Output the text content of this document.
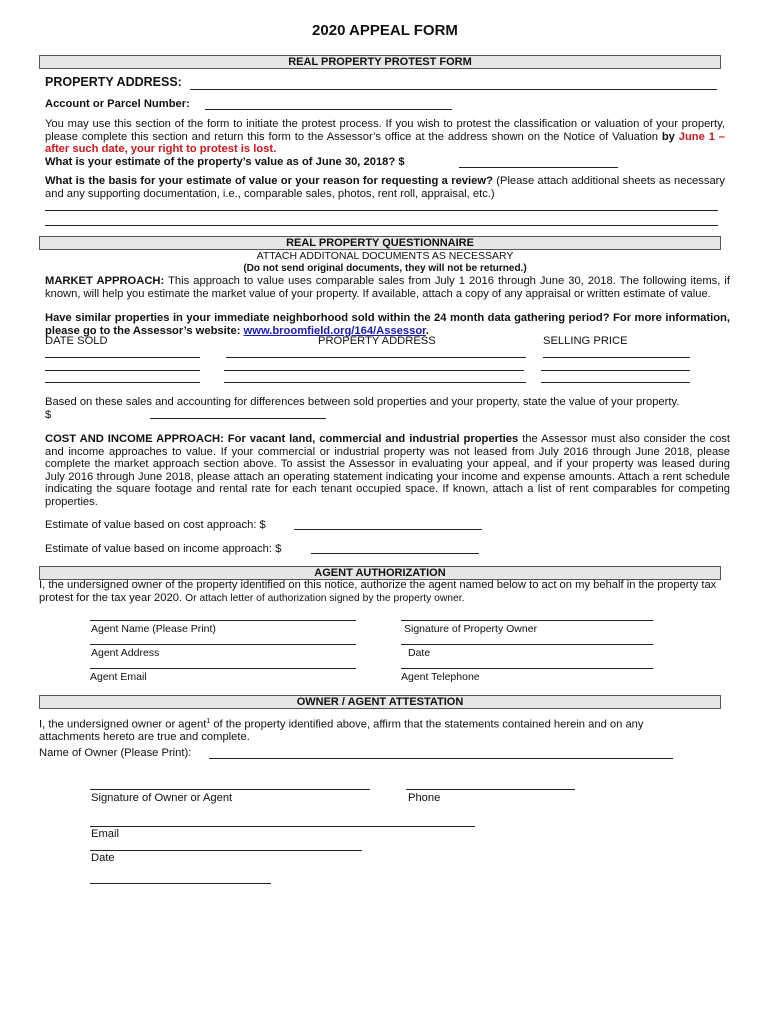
2020 APPEAL FORM
REAL PROPERTY PROTEST FORM
PROPERTY ADDRESS:
Account or Parcel Number:
You may use this section of the form to initiate the protest process. If you wish to protest the classification or valuation of your property, please complete this section and return this form to the Assessor’s office at the address shown on the Notice of Valuation by June 1 – after such date, your right to protest is lost.
What is your estimate of the property’s value as of June 30, 2018? $
What is the basis for your estimate of value or your reason for requesting a review? (Please attach additional sheets as necessary and any supporting documentation, i.e., comparable sales, photos, rent roll, appraisal, etc.)
REAL PROPERTY QUESTIONNAIRE
ATTACH ADDITONAL DOCUMENTS AS NECESSARY
(Do not send original documents, they will not be returned.)
MARKET APPROACH: This approach to value uses comparable sales from July 1 2016 through June 30, 2018. The following items, if known, will help you estimate the market value of your property. If available, attach a copy of any appraisal or written estimate of value.
Have similar properties in your immediate neighborhood sold within the 24 month data gathering period? For more information, please go to the Assessor’s website: www.broomfield.org/164/Assessor.
DATE SOLD	PROPERTY ADDRESS	SELLING PRICE
Based on these sales and accounting for differences between sold properties and your property, state the value of your property. $
COST AND INCOME APPROACH: For vacant land, commercial and industrial properties the Assessor must also consider the cost and income approaches to value. If your commercial or industrial property was not leased from July 2016 through June 2018, please complete the market approach section above. To assist the Assessor in evaluating your appeal, and if your property was leased during July 2016 through June 2018, please attach an operating statement indicating your income and expense amounts. Attach a rent schedule indicating the square footage and rental rate for each tenant occupied space. If known, attach a list of rent comparables for competing properties.
Estimate of value based on cost approach: $
Estimate of value based on income approach: $
AGENT AUTHORIZATION
I, the undersigned owner of the property identified on this notice, authorize the agent named below to act on my behalf in the property tax protest for the tax year 2020. Or attach letter of authorization signed by the property owner.
Agent Name (Please Print)	Signature of Property Owner
Agent Address	Date
Agent Email	Agent Telephone
OWNER / AGENT ATTESTATION
I, the undersigned owner or agent$^1$ of the property identified above, affirm that the statements contained herein and on any attachments hereto are true and complete.
Name of Owner (Please Print):
Signature of Owner or Agent	Phone
Email
Date
